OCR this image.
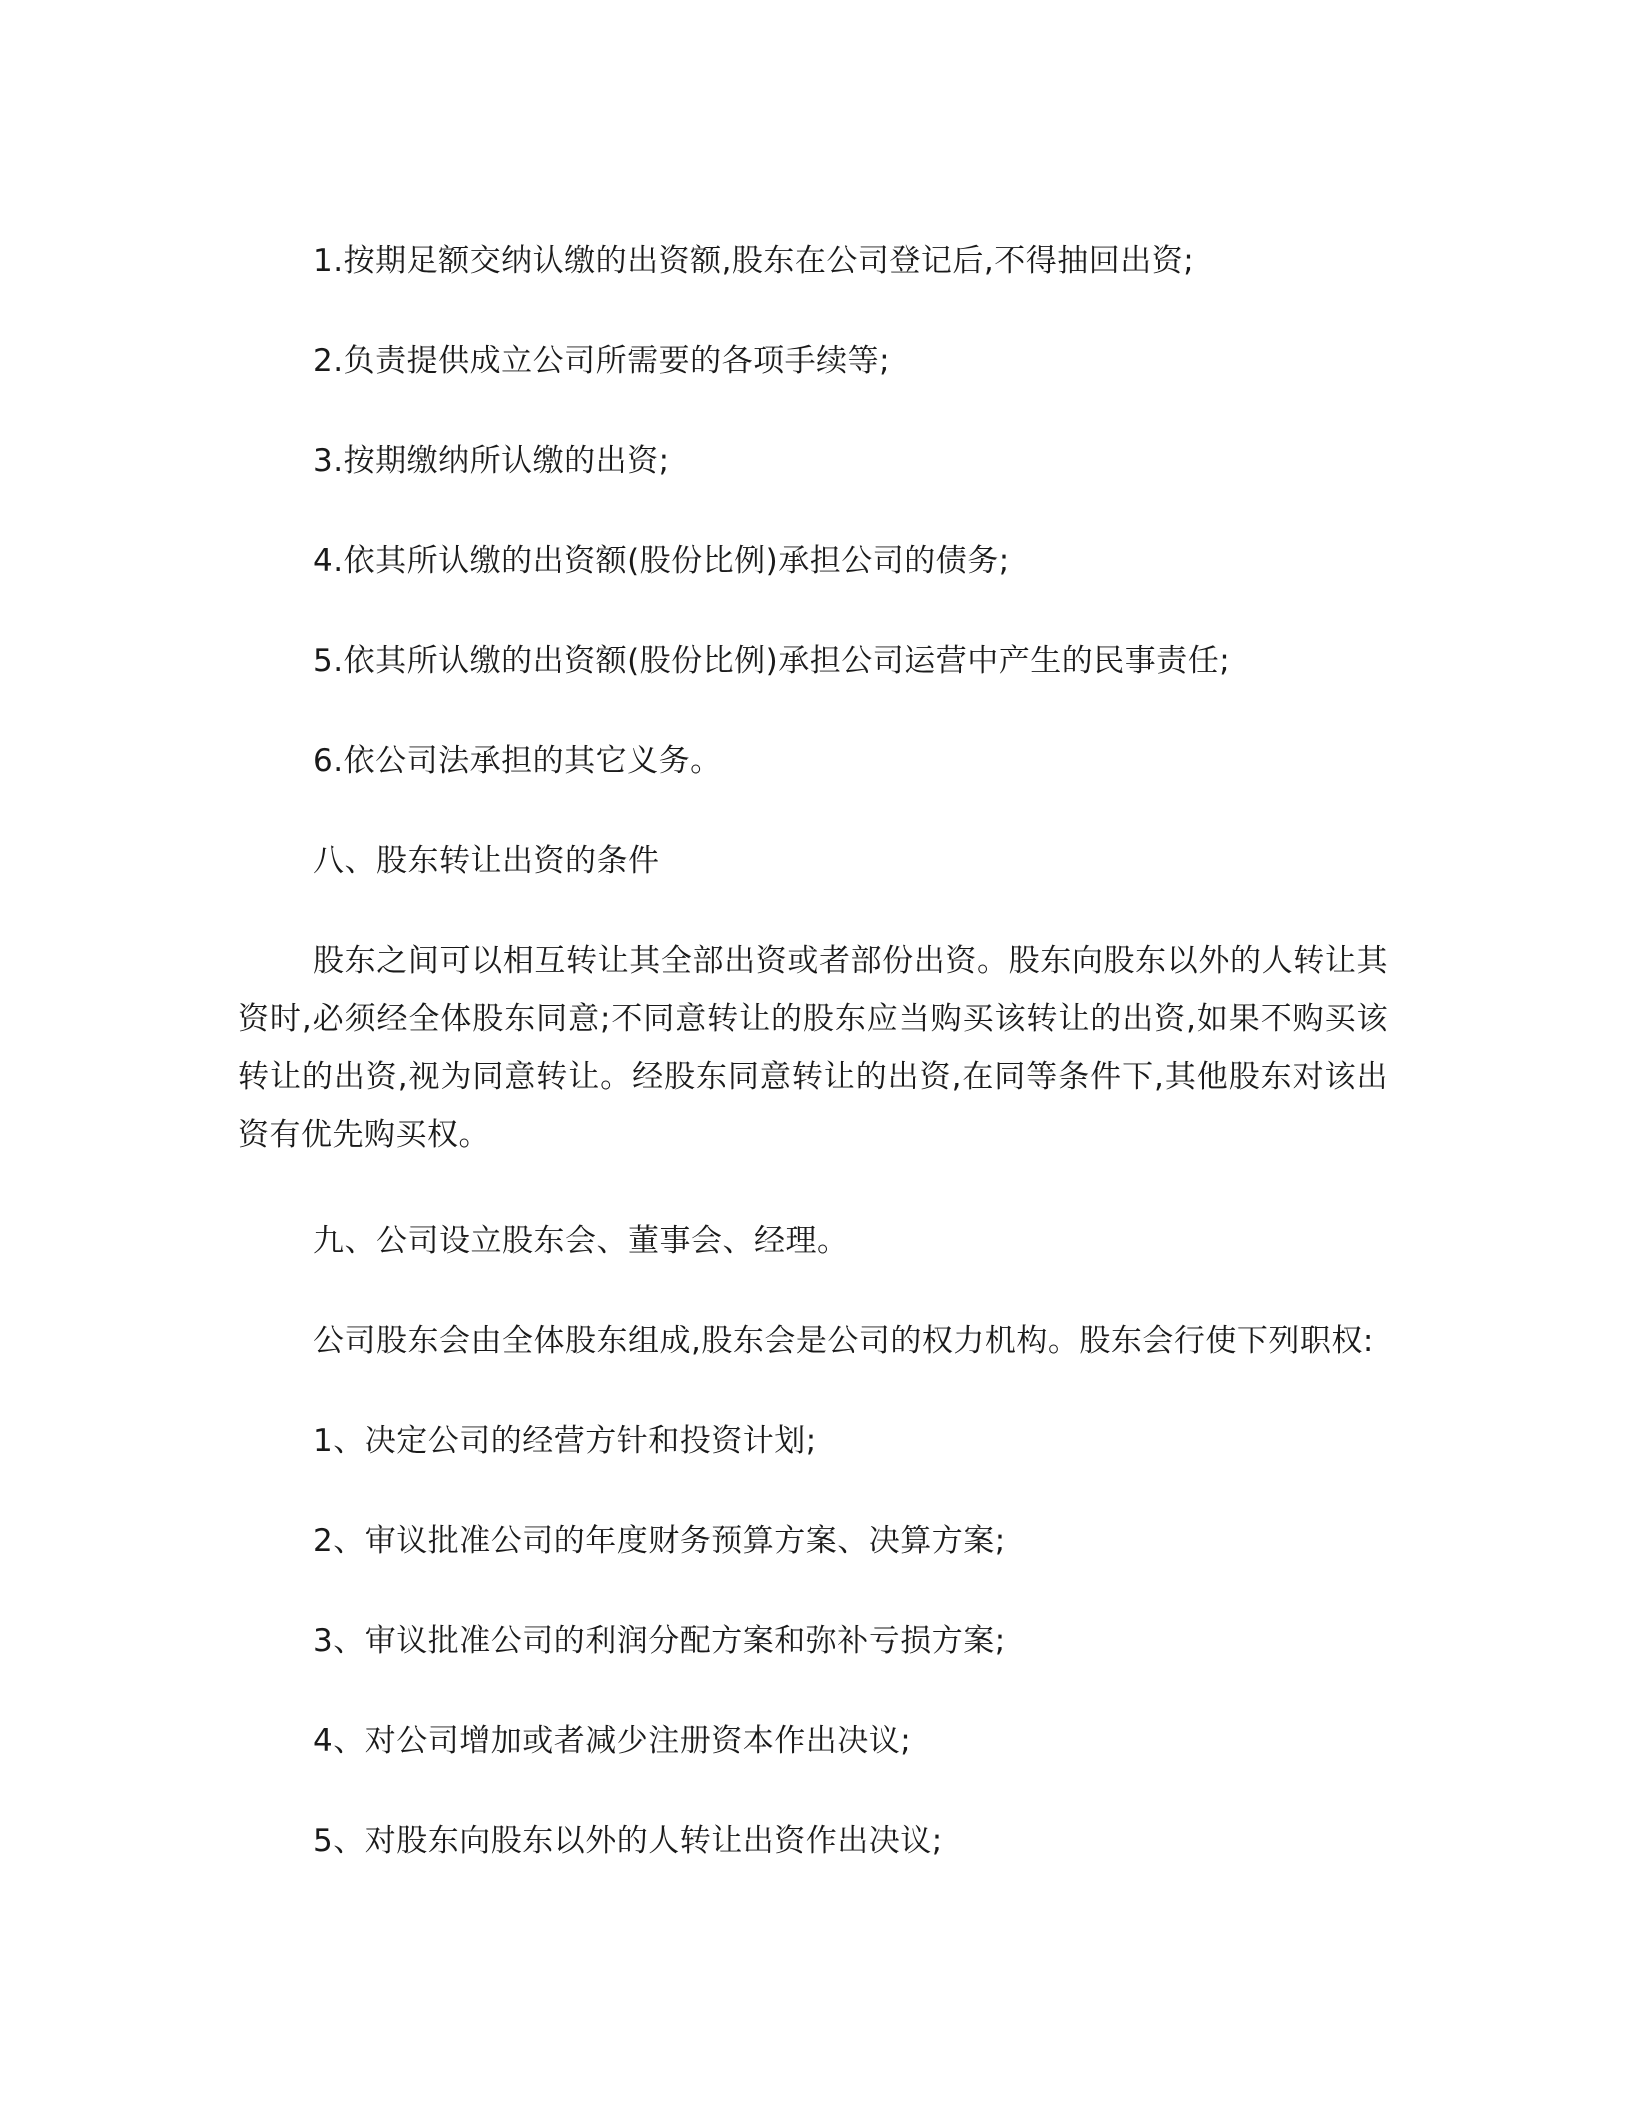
1.按期足额交纳认缴的出资额,股东在公司登记后,不得抽回出资;
2.负责提供成立公司所需要的各项手续等;
3.按期缴纳所认缴的出资;
4.依其所认缴的出资额(股份比例)承担公司的债务;
5.依其所认缴的出资额(股份比例)承担公司运营中产生的民事责任;
6.依公司法承担的其它义务。
八、股东转让出资的条件
股东之间可以相互转让其全部出资或者部份出资。股东向股东以外的人转让其资时,必须经全体股东同意;不同意转让的股东应当购买该转让的出资,如果不购买该转让的出资,视为同意转让。经股东同意转让的出资,在同等条件下,其他股东对该出资有优先购买权。
九、公司设立股东会、董事会、经理。
公司股东会由全体股东组成,股东会是公司的权力机构。股东会行使下列职权:
1、决定公司的经营方针和投资计划;
2、审议批准公司的年度财务预算方案、决算方案;
3、审议批准公司的利润分配方案和弥补亏损方案;
4、对公司增加或者减少注册资本作出决议;
5、对股东向股东以外的人转让出资作出决议;
